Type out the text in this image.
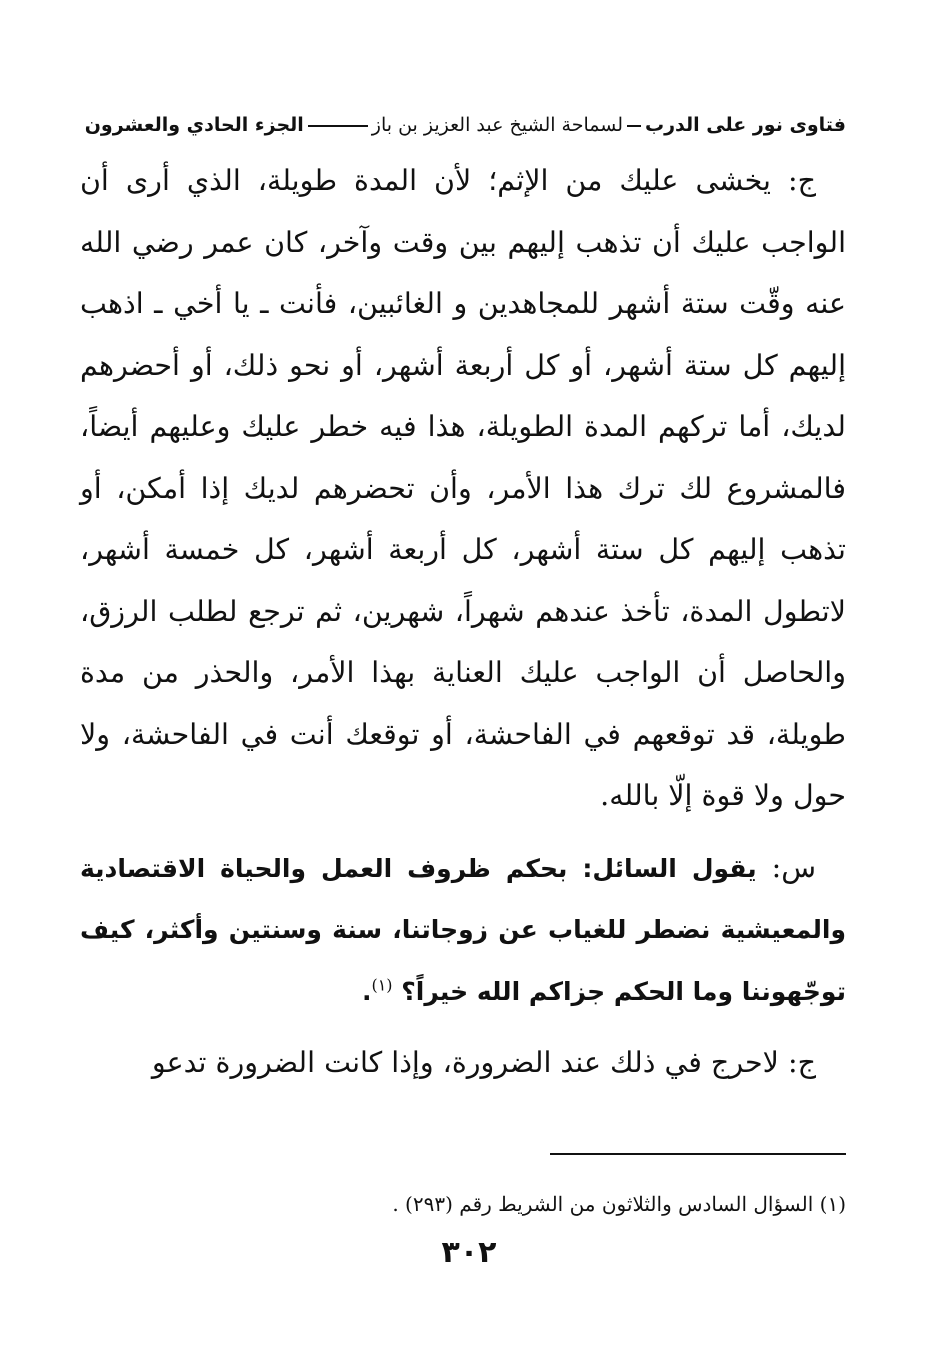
فتاوى نور على الدربلسماحة الشيخ عبد العزيز بن بازالجزء الحادي والعشرون

ج: يخشى عليك من الإثم؛ لأن المدة طويلة، الذي أرى أن الواجب عليك أن تذهب إليهم بين وقت وآخر، كان عمر رضي الله عنه وقّت ستة أشهر للمجاهدين و الغائبين، فأنت ـ يا أخي ـ اذهب إليهم كل ستة أشهر، أو كل أربعة أشهر، أو نحو ذلك، أو أحضرهم لديك، أما تركهم المدة الطويلة، هذا فيه خطر عليك وعليهم أيضاً، فالمشروع لك ترك هذا الأمر، وأن تحضرهم لديك إذا أمكن، أو تذهب إليهم كل ستة أشهر، كل أربعة أشهر، كل خمسة أشهر، لاتطول المدة، تأخذ عندهم شهراً، شهرين، ثم ترجع لطلب الرزق، والحاصل أن الواجب عليك العناية بهذا الأمر، والحذر من مدة طويلة، قد توقعهم في الفاحشة، أو توقعك أنت في الفاحشة، ولا حول ولا قوة إلّا بالله.

س: يقول السائل: بحكم ظروف العمل والحياة الاقتصادية والمعيشية نضطر للغياب عن زوجاتنا، سنة وسنتين وأكثر، كيف توجّهوننا وما الحكم جزاكم الله خيراً؟ $^{(١)}$.

ج: لاحرج في ذلك عند الضرورة، وإذا كانت الضرورة تدعو

(١) السؤال السادس والثلاثون من الشريط رقم (٢٩٣) .
٣٠٢
